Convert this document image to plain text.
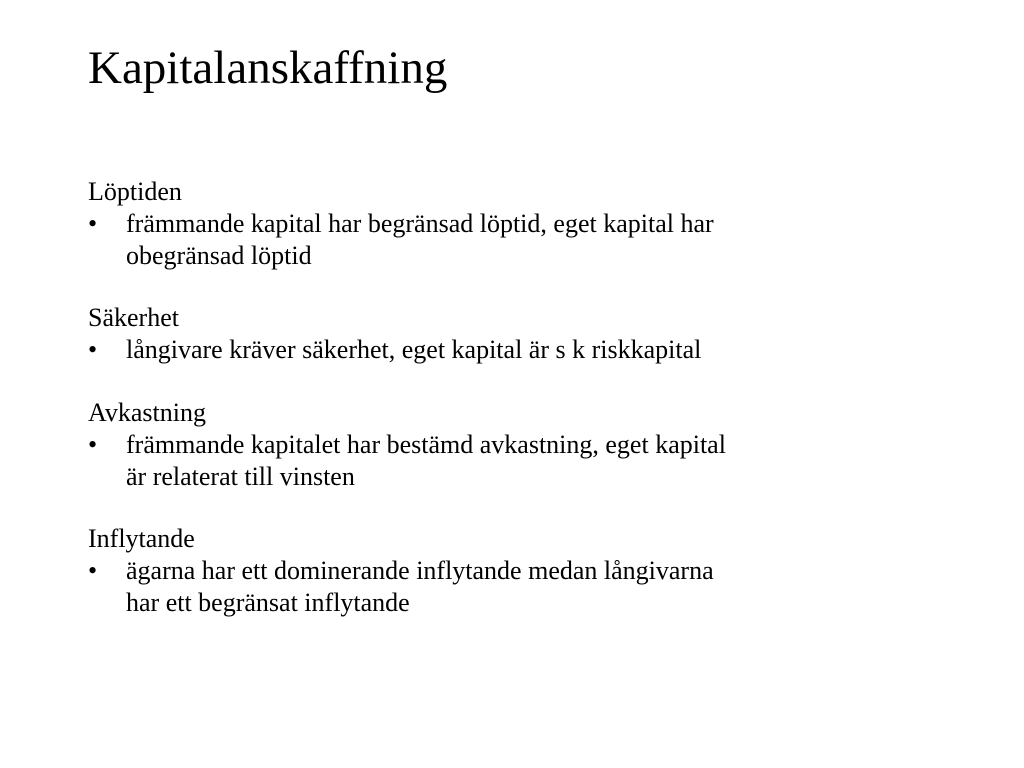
Kapitalanskaffning

Löptiden

• främmande kapital har begränsad löptid, eget kapital har
obegränsad löptid

Säkerhet

• långivare kräver säkerhet, eget kapital är s k riskkapital

Avkastning

• främmande kapitalet har bestämd avkastning, eget kapital
är relaterat till vinsten

Inflytande

• ägarna har ett dominerande inflytande medan långivarna
har ett begränsat inflytande
